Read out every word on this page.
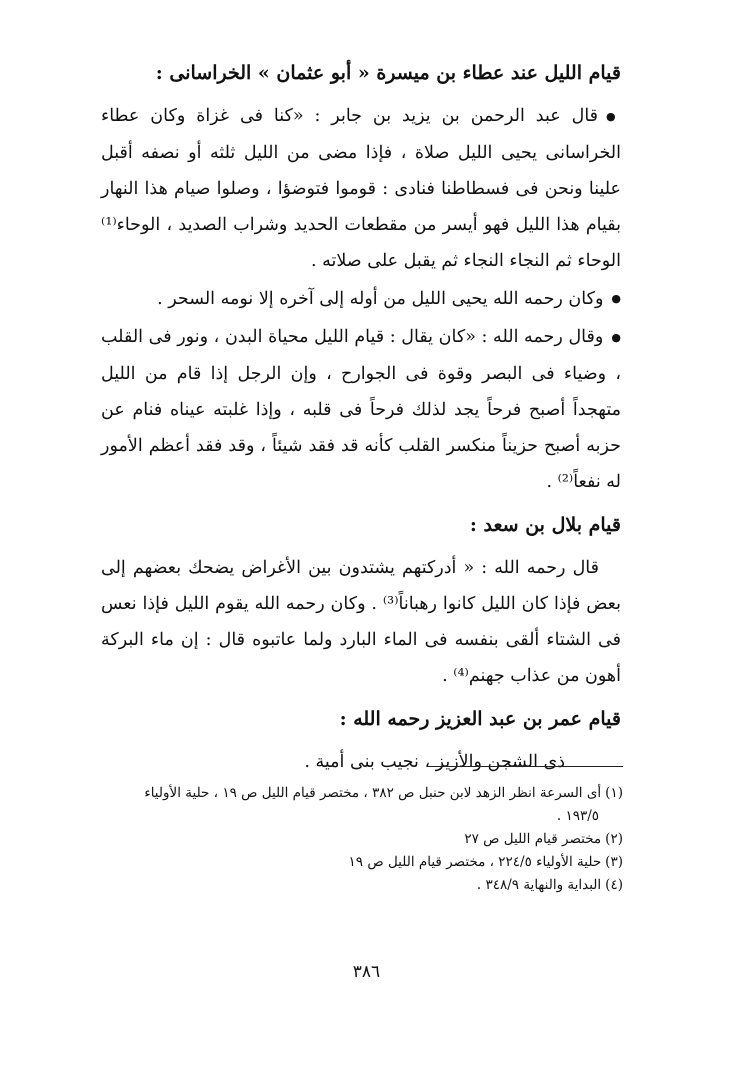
قيام الليل عند عطاء بن ميسرة « أبو عثمان » الخراسانى :

● قال عبد الرحمن بن يزيد بن جابر : «كنا فى غزاة وكان عطاء الخراسانى يحيى الليل صلاة ، فإذا مضى من الليل ثلثه أو نصفه أقبل علينا ونحن فى فسطاطنا فنادى : قوموا فتوضؤا ، وصلوا صيام هذا النهار بقيام هذا الليل فهو أيسر من مقطعات الحديد وشراب الصديد ، الوحاء⁽¹⁾ الوحاء ثم النجاء النجاء ثم يقبل على صلاته .

● وكان رحمه الله يحيى الليل من أوله إلى آخره إلا نومه السحر .

● وقال رحمه الله : «كان يقال : قيام الليل محياة البدن ، ونور فى القلب ، وضياء فى البصر وقوة فى الجوارح ، وإن الرجل إذا قام من الليل متهجداً أصبح فرحاً يجد لذلك فرحاً فى قلبه ، وإذا غلبته عيناه فنام عن حزبه أصبح حزيناً منكسر القلب كأنه قد فقد شيئاً ، وقد فقد أعظم الأمور له نفعاً⁽²⁾ .

قيام بلال بن سعد :

قال رحمه الله : « أدركتهم يشتدون بين الأغراض يضحك بعضهم إلى بعض فإذا كان الليل كانوا رهباناً⁽³⁾ . وكان رحمه الله يقوم الليل فإذا نعس فى الشتاء ألقى بنفسه فى الماء البارد ولما عاتبوه قال : إن ماء البركة أهون من عذاب جهنم⁽⁴⁾ .

قيام عمر بن عبد العزيز رحمه الله :

ذى الشجن والأزيز ، نجيب بنى أمية .

(١)أى السرعة انظر الزهد لابن حنبل ص ٣٨٢ ، مختصر قيام الليل ص ١٩ ، حلية الأولياء

١٩٣/٥ .

(٢)مختصر قيام الليل ص ٢٧

(٣)حلية الأولياء ٢٢٤/٥ ، مختصر قيام الليل ص ١٩

(٤)البداية والنهاية ٣٤٨/٩ .

٣٨٦
